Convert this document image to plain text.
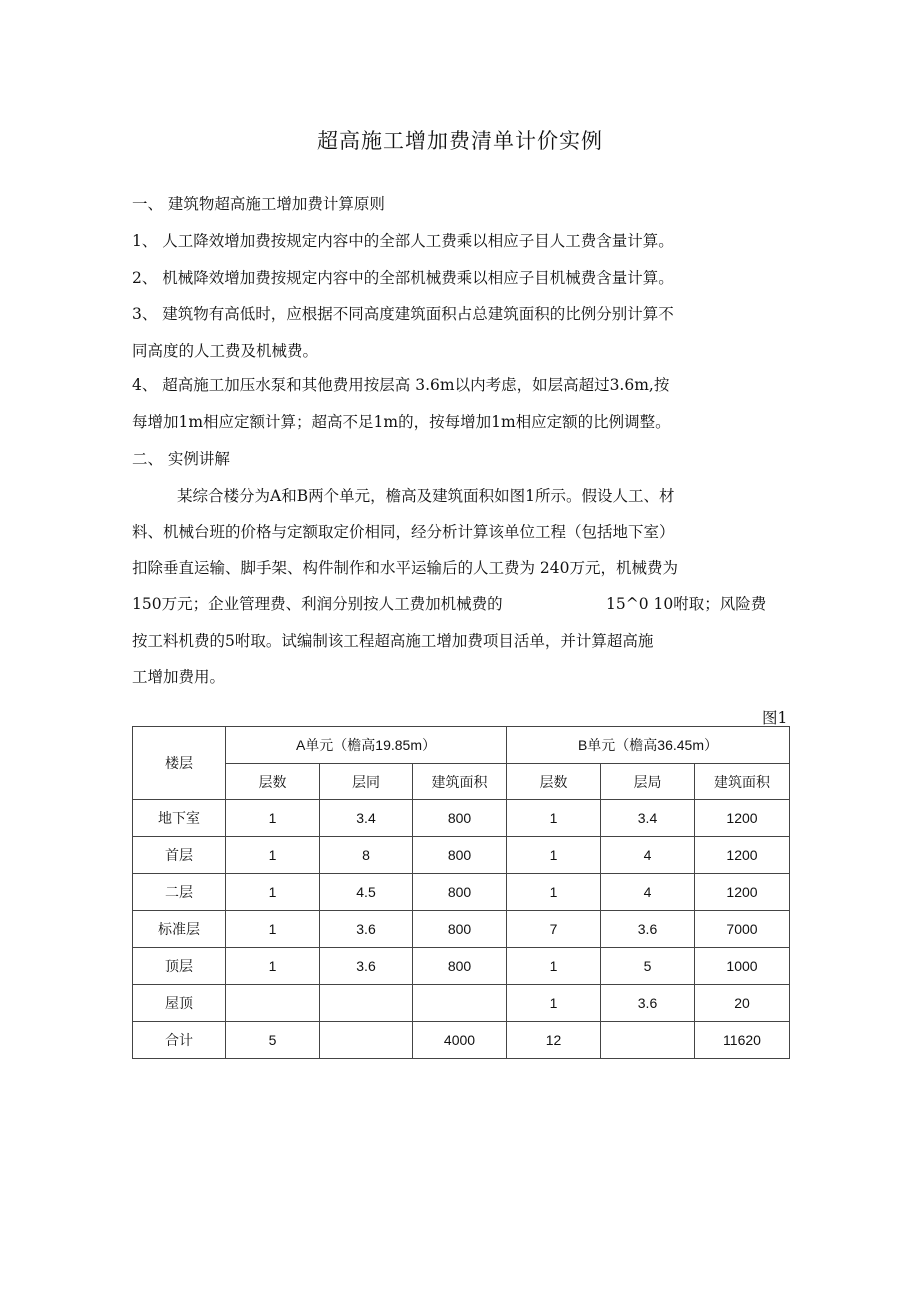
超高施工增加费清单计价实例
一、 建筑物超高施工增加费计算原则
1、 人工降效增加费按规定内容中的全部人工费乘以相应子目人工费含量计算。
2、 机械降效增加费按规定内容中的全部机械费乘以相应子目机械费含量计算。
3、 建筑物有高低时，应根据不同高度建筑面积占总建筑面积的比例分别计算不
同高度的人工费及机械费。
4、 超高施工加压水泵和其他费用按层高 3.6m以内考虑，如层高超过3.6m,按
每增加1m相应定额计算；超高不足1m的，按每增加1m相应定额的比例调整。
二、 实例讲解
某综合楼分为A和B两个单元，檐高及建筑面积如图1所示。假设人工、材
料、机械台班的价格与定额取定价相同，经分析计算该单位工程（包括地下室）
扣除垂直运输、脚手架、构件制作和水平运输后的人工费为 240万元，机械费为
150万元；企业管理费、利润分别按人工费加机械费的	15^0 10咐取；风险费
按工料机费的5咐取。试编制该工程超高施工增加费项目活单，并计算超高施
工增加费用。
图1
楼层	A单元（檐高19.85m）			B单元（檐高36.45m）		
	层数	层同	建筑面积	层数	层局	建筑面积
地下室	1	3.4	800	1	3.4	1200
首层	1	8	800	1	4	1200
二层	1	4.5	800	1	4	1200
标准层	1	3.6	800	7	3.6	7000
顶层	1	3.6	800	1	5	1000
屋顶				1	3.6	20
合计	5		4000	12		11620
